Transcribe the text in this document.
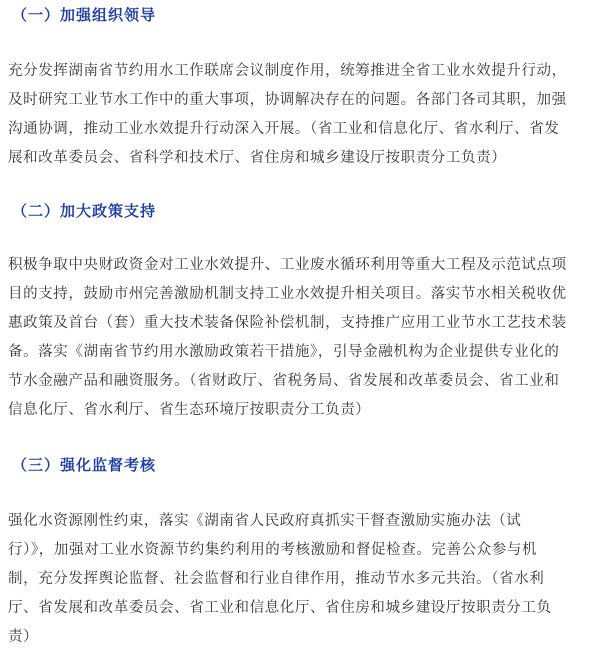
（一）加强组织领导
充分发挥湖南省节约用水工作联席会议制度作用，统筹推进全省工业水效提升行动，
及时研究工业节水工作中的重大事项，协调解决存在的问题。各部门各司其职，加强
沟通协调，推动工业水效提升行动深入开展。（省工业和信息化厅、省水利厅、省发
展和改革委员会、省科学和技术厅、省住房和城乡建设厅按职责分工负责）
（二）加大政策支持
积极争取中央财政资金对工业水效提升、工业废水循环利用等重大工程及示范试点项
目的支持，鼓励市州完善激励机制支持工业水效提升相关项目。落实节水相关税收优
惠政策及首台（套）重大技术装备保险补偿机制，支持推广应用工业节水工艺技术装
备。落实《湖南省节约用水激励政策若干措施》，引导金融机构为企业提供专业化的
节水金融产品和融资服务。（省财政厅、省税务局、省发展和改革委员会、省工业和
信息化厅、省水利厅、省生态环境厅按职责分工负责）
（三）强化监督考核
强化水资源刚性约束，落实《湖南省人民政府真抓实干督查激励实施办法（试
行）》，加强对工业水资源节约集约利用的考核激励和督促检查。完善公众参与机
制，充分发挥舆论监督、社会监督和行业自律作用，推动节水多元共治。（省水利
厅、省发展和改革委员会、省工业和信息化厅、省住房和城乡建设厅按职责分工负
责）
